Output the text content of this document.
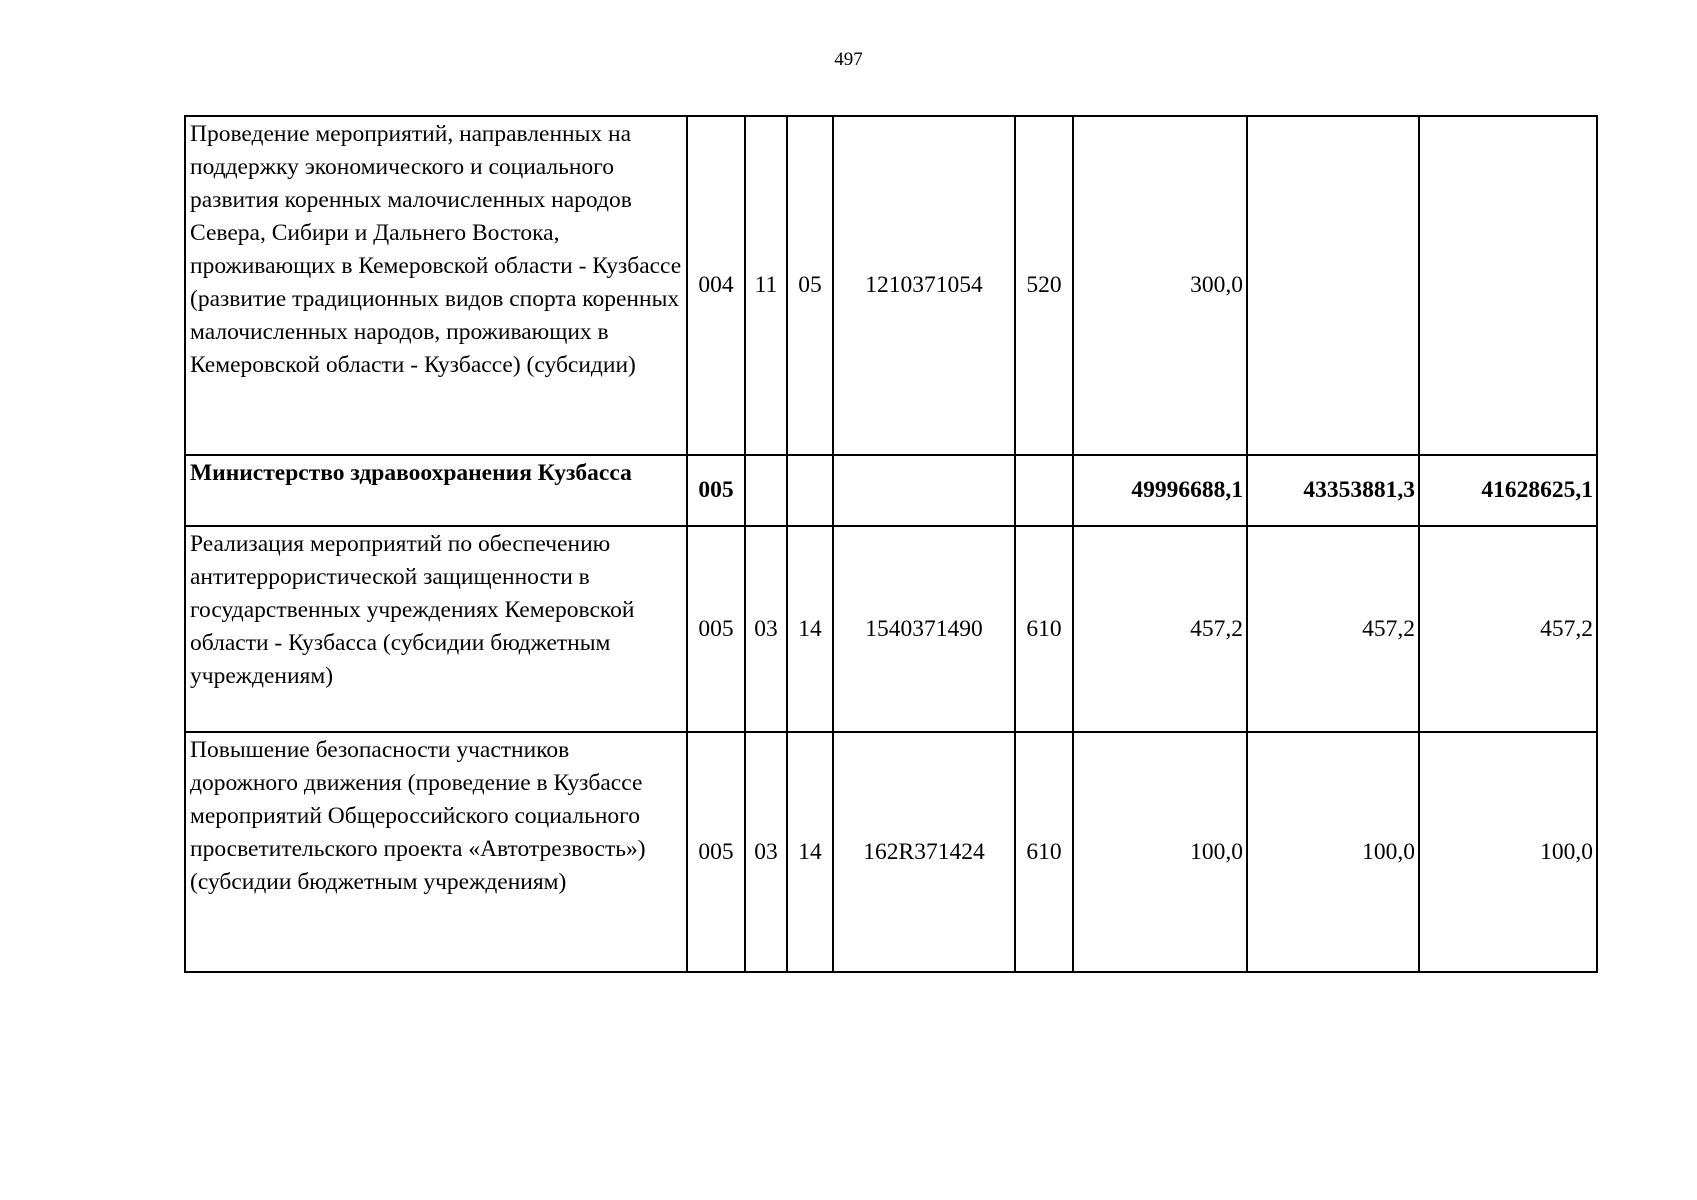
497
Проведение мероприятий, направленных на поддержку экономического и социального развития коренных малочисленных народов Севера, Сибири и Дальнего Востока, проживающих в Кемеровской области - Кузбассе (развитие традиционных видов спорта коренных малочисленных народов, проживающих в Кемеровской области - Кузбассе) (субсидии)	004	11	05	1210371054	520	300,0		
Министерство здравоохранения Кузбасса	005					49996688,1	43353881,3	41628625,1
Реализация мероприятий по обеспечению антитеррористической защищенности в государственных учреждениях Кемеровской области - Кузбасса (субсидии бюджетным учреждениям)	005	03	14	1540371490	610	457,2	457,2	457,2
Повышение безопасности участников дорожного движения (проведение в Кузбассе мероприятий Общероссийского социального просветительского проекта «Автотрезвость») (субсидии бюджетным учреждениям)	005	03	14	162R371424	610	100,0	100,0	100,0
